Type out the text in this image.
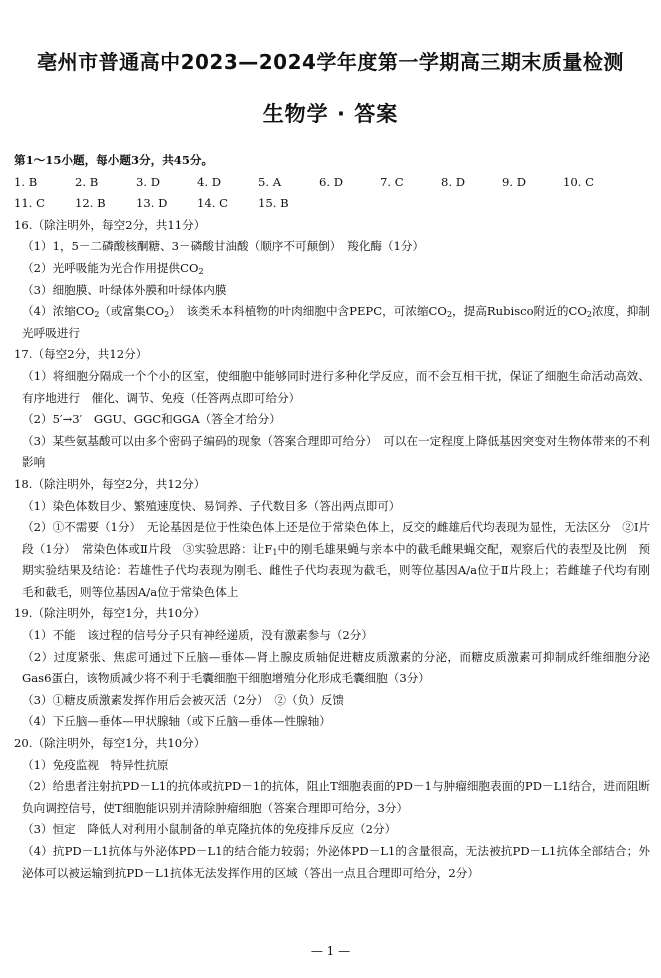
亳州市普通高中2023—2024学年度第一学期高三期末质量检测
生物学 · 答案
第1～15小题，每小题3分，共45分。
1. B	2. B	3. D	4. D	5. A	6. D	7. C	8. D	9. D	10. C
11. C	12. B	13. D	14. C	15. B
16.（除注明外，每空2分，共11分）
（1）1，5－二磷酸核酮糖、3－磷酸甘油酸（顺序不可颠倒）　羧化酶（1分）
（2）光呼吸能为光合作用提供$CO_2$
（3）细胞膜、叶绿体外膜和叶绿体内膜
（4）浓缩$CO_2$（或富集$CO_2$）　该类禾本科植物的叶肉细胞中含PEPC，可浓缩$CO_2$，提高Rubisco附近的$CO_2$浓度，抑制光呼吸进行
17.（每空2分，共12分）
（1）将细胞分隔成一个个小的区室，使细胞中能够同时进行多种化学反应，而不会互相干扰，保证了细胞生命活动高效、有序地进行　催化、调节、免疫（任答两点即可给分）
（2）5′→3′　GGU、GGC和GGA（答全才给分）
（3）某些氨基酸可以由多个密码子编码的现象（答案合理即可给分）　可以在一定程度上降低基因突变对生物体带来的不利影响
18.（除注明外，每空2分，共12分）
（1）染色体数目少、繁殖速度快、易饲养、子代数目多（答出两点即可）
（2）①不需要（1分）　无论基因是位于性染色体上还是位于常染色体上，反交的雌雄后代均表现为显性，无法区分　②Ⅰ片段（1分）　常染色体或Ⅱ片段　③实验思路：让$F_1$中的刚毛雄果蝇与亲本中的截毛雌果蝇交配，观察后代的表型及比例　预期实验结果及结论：若雄性子代均表现为刚毛、雌性子代均表现为截毛，则等位基因A/a位于Ⅱ片段上；若雌雄子代均有刚毛和截毛，则等位基因A/a位于常染色体上
19.（除注明外，每空1分，共10分）
（1）不能　该过程的信号分子只有神经递质，没有激素参与（2分）
（2）过度紧张、焦虑可通过下丘脑—垂体—肾上腺皮质轴促进糖皮质激素的分泌，而糖皮质激素可抑制成纤维细胞分泌Gas6蛋白，该物质减少将不利于毛囊细胞干细胞增殖分化形成毛囊细胞（3分）
（3）①糖皮质激素发挥作用后会被灭活（2分）　②（负）反馈
（4）下丘脑—垂体—甲状腺轴（或下丘脑—垂体—性腺轴）
20.（除注明外，每空1分，共10分）
（1）免疫监视　特异性抗原
（2）给患者注射抗PD－L1的抗体或抗PD－1的抗体，阻止T细胞表面的PD－1与肿瘤细胞表面的PD－L1结合，进而阻断负向调控信号，使T细胞能识别并清除肿瘤细胞（答案合理即可给分，3分）
（3）恒定　降低人对利用小鼠制备的单克隆抗体的免疫排斥反应（2分）
（4）抗PD－L1抗体与外泌体PD－L1的结合能力较弱；外泌体PD－L1的含量很高，无法被抗PD－L1抗体全部结合；外泌体可以被运输到抗PD－L1抗体无法发挥作用的区域（答出一点且合理即可给分，2分）
— 1 —
